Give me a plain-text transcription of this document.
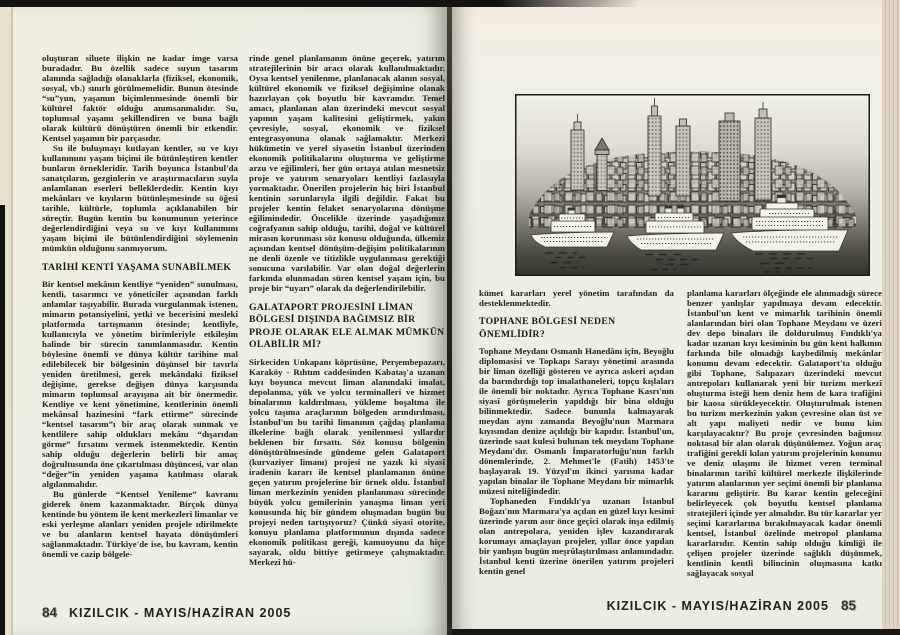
oluşturan siluete ilişkin ne kadar imge varsa buradadır. Bu özellik sadece suyun tasarım alanında sağladığı olanaklarla (fiziksel, ekonomik, sosyal, vb.) sınırlı görülmemelidir. Bunun ötesinde “su”yun, yaşamın biçimlenmesinde önemli bir kültürel faktör olduğu anımsanmalıdır. Su, toplumsal yaşamı şekillendiren ve buna bağlı olarak kültürü dönüştüren önemli bir etkendir. Kentsel yaşamın bir parçasıdır.

Su ile buluşmayı kutlayan kentler, su ve kıyı kullanımını yaşam biçimi ile bütünleştiren kentler bunların örnekleridir. Tarih boyunca İstanbul'da sanatçıların, gezginlerin ve araştırmacıların suyla anlamlanan eserleri belleklerdedir. Kentin kıyı mekânları ve kıyıların bütünleşmesinde su öğesi tarihle, kültürle, toplumla açıklanabilen bir süreçtir. Bugün kentin bu konumunun yeterince değerlendirdiğini veya su ve kıyı kullanımını yaşam biçimi ile bütünlendirdiğini söylemenin mümkün olduğunu sanmıyorum.

TARİHİ KENTİ YAŞAMA SUNABİLMEK

Bir kentsel mekânın kentliye “yeniden” sunulması, kentli, tasarımcı ve yöneticiler açısından farklı anlamlar taşıyabilir. Burada vurgulanmak istenen, mimarın potansiyelini, yetki ve becerisini meslekî platformda tartışmanın ötesinde; kentliyle, kullanıcıyla ve yönetim birimleriyle etkileşim halinde bir sürecin tanımlanmasıdır. Kentin böylesine önemli ve dünya kültür tarihine mal edilebilecek bir bölgesinin düşünsel bir tavırla yeniden üretilmesi, gerek mekândaki fiziksel değişime, gerekse değişen dünya karşısında mimarın toplumsal arayışına ait bir önermedir. Kentliye ve kent yönetimine, kentlerinin önemli mekânsal hazinesini “fark ettirme” sürecinde “kentsel tasarım”ı bir araç olarak sunmak ve kentlilere sahip oldukları mekânı “dışarıdan görme” fırsatını vermek istenmektedir. Kentin sahip olduğu değerlerin belirli bir amaç doğrultusunda öne çıkartılması düşüncesi, var olan “değer”in yeniden yaşama katılması olarak algılanmalıdır.

Bu günlerde “Kentsel Yenileme” kavramı giderek önem kazanmaktadır. Birçok dünya kentinde bu yöntem ile kent merkezleri limanlar ve eski yerleşme alanları yeniden projele ıdirilmekte ve bu alanların kentsel hayata dönüşümleri sağlanmaktadır. Türkiye'de ise, bu kavram, kentin önemli ve cazip bölgele-

rinde genel planlamanın önüne geçerek, yatırım stratejilerinin bir aracı olarak kullanılmaktadır. Oysa kentsel yenilenme, planlanacak alanın sosyal, kültürel ekonomik ve fiziksel değişimine olanak hazırlayan çok boyutlu bir kavramdır. Temel amacı, planlanan alan üzerindeki mevcut sosyal yapının yaşam kalitesini geliştirmek, yakın çevresiyle, sosyal, ekonomik ve fiziksel entegrasyonuna olanak sağlamaktır. Merkezi hükümetin ve yerel siyasetin İstanbul üzerinden ekonomik politikalarını oluşturma ve geliştirme arzu ve eğilimleri, her gün ortaya atılan mesnetsiz proje ve yatırım senaryoları kentliyi fazlasıyla yormaktadır. Önerilen projelerin hiç biri İstanbul kentinin sorunlarıyla ilgili değildir. Fakat bu projeler kentin felaket senaryolarına dönüşme eğilimindedir. Öncelikle üzerinde yaşadığımız coğrafyanın sahip olduğu, tarihi, doğal ve kültürel mirasın korunması söz konusu olduğunda, ülkemiz açısından kentsel dönüşüm-değişim politikalarının ne denli özenle ve titizlikle uygulanması gerektiği sonucuna varılabilir. Var olan doğal değerlerin farkında olunmadan süren kentsel yaşam için, bu proje bir “uyarı” olarak da değerlendirilebilir.

GALATAPORT PROJESİNİ LİMAN BÖLGESİ DIŞINDA BAĞIMSIZ BİR PROJE OLARAK ELE ALMAK MÜMKÜN OLABİLİR Mİ?

Sirkeciden Unkapanı köprüsüne, Perşembepazarı, Karaköy - Rıhtım caddesinden Kabataş'a uzanan kıyı boyunca mevcut liman alanındaki imalat, depolanma, yük ve yolcu terminalleri ve hizmet binalarının kaldırılması, yükleme boşaltma ile yolcu taşıma araçlarının bölgeden arındırılması, İstanbul'un bu tarihi limanının çağdaş planlama ilkelerine bağlı olarak yenilenmesi yıllardır beklenen bir fırsattı. Söz konusu bölgenin dönüştürülmesinde gündeme gelen Galataport (kurvaziyer limanı) projesi ne yazık ki siyasî iradenin kararı ile kentsel planlamanın önüne geçen yatırım projelerine bir örnek oldu. İstanbul liman merkezinin yeniden planlanması sürecinde büyük yolcu gemilerinin yanaşma liman yeri konusunda hiç bir gündem oluşmadan bugün bu projeyi neden tartışıyoruz? Çünkü siyasî otorite, konuyu planlama platformunun dışında sadece ekonomik politikası gereği, kamuoyunu da hiçe sayarak, oldu bittiye getirmeye çalışmaktadır. Merkezî hü-

84 KIZILCIK - MAYIS/HAZİRAN 2005

kümet kararları yerel yönetim tarafından da desteklenmektedir.

TOPHANE BÖLGESİ NEDEN ÖNEMLİDİR?

Tophane Meydanı Osmanlı Hanedânı için, Beyoğlu diplomasisi ve Topkapı Sarayı yönetimi arasında bir liman özelliği gösteren ve ayrıca askeri açıdan da barındırdığı top imalathaneleri, topçu kışlaları ile önemli bir noktadır. Ayrıca Tophane Kasrı'nın siyasî görüşmelerin yapıldığı bir bina olduğu bilinmektedir. Sadece bununla kalmayarak meydan aynı zamanda Beyoğlu'nun Marmara kıyısından denize açıldığı bir kapıdır. İstanbul'un, üzerinde saat kulesi bulunan tek meydanı Tophane Meydanı'dır. Osmanlı İmparatorluğu'nun farklı dönemlerinde, 2. Mehmet'le (Fatih) 1453'te başlayarak 19. Yüzyıl'ın ikinci yarısına kadar yapılan binalar ile Tophane Meydanı bir mimarlık müzesi niteliğindedir.

Tophaneden Fındıklı'ya uzanan İstanbul Boğazı'nın Marmara'ya açılan en güzel kıyı kesimi üzerinde yarım asır önce geçici olarak inşa edilmiş olan antrepolara, yeniden işlev kazandırarak korumayı amaçlayan projeler, yıllar önce yapılan bir yanlışın bugün meşrûlaştırılması anlamındadır. İstanbul kenti üzerine önerilen yatırım projeleri kentin genel

planlama kararları ölçeğinde ele alınmadığı sürece benzer yanlışlar yapılmaya devam edecektir. İstanbul'un kent ve mimarlık tarihinin önemli alanlarından biri olan Tophane Meydanı ve üzeri dev depo binaları ile doldurulmuş Fındıklı'ya kadar uzanan kıyı kesiminin bu gün kent halkının farkında bile olmadığı kaybedilmiş mekânlar konumu devam edecektir. Galataport'ta olduğu gibi Tophane, Salıpazarı üzerindeki mevcut antrepoları kullanarak yeni bir turizm merkezî oluşturma isteği hem deniz hem de kara trafiğini bir kaosa sürükleyecektir. Oluşturulmak istenen bu turizm merkezinin yakın çevresine olan üst ve alt yapı maliyeti nedir ve bunu kim karşılayacaktır? Bu proje çevresinden bağımsız noktasal bir alan olarak düşünülemez. Yoğun araç trafiğini gerekli kılan yatırım projelerinin konumu ve deniz ulaşımı ile hizmet veren terminal binalarının tarihî kültürel merkezle ilişkilerinde yatırım alanlarının yer seçimi önemli bir planlama kararını geliştirir. Bu karar kentin geleceğini belirleyecek çok boyutlu kentsel planlama stratejileri içinde yer almalıdır. Bu tür kararlar yer seçimi kararlarına bırakılmayacak kadar önemli kentsel, İstanbul özelinde metropol planlama kararlarıdır. Kentin sahip olduğu kimliği ile çelişen projeler üzerinde sağlıklı düşünmek, kentlinin kentli bilincinin oluşmasına katkı sağlayacak sosyal

KIZILCIK - MAYIS/HAZİRAN 2005 85
